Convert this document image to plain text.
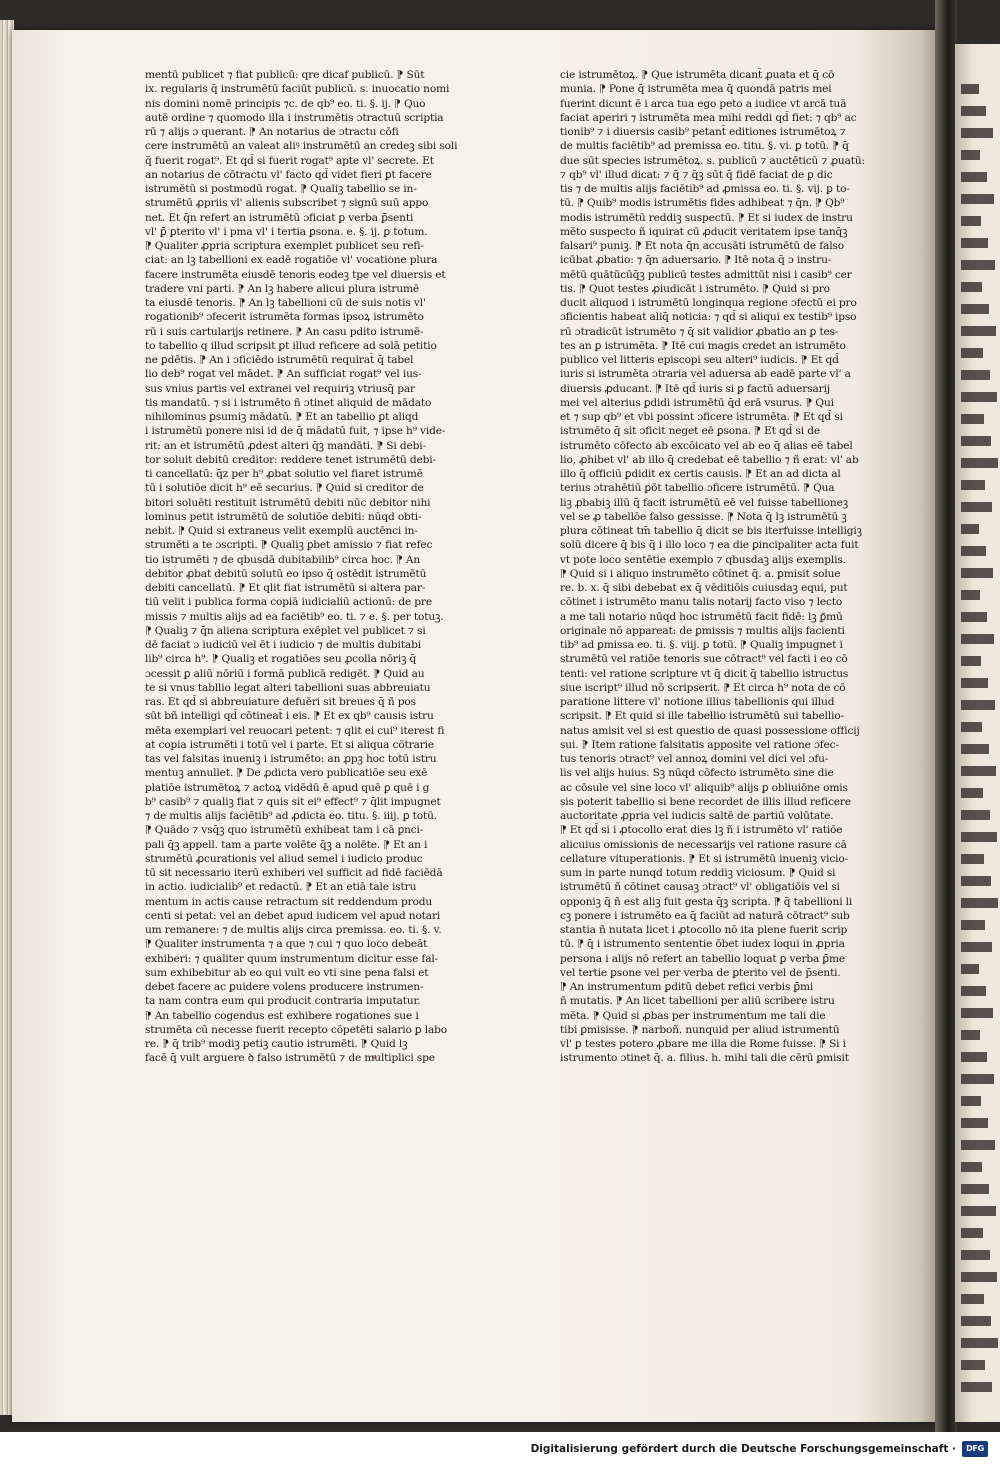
mentū publicet ⁊ fiat publicū: qre dicaf publicū. ⁋ Sūt
ix. regularis q̄ instrumētū faciūt publicū. s. inuocatio nomi
nis domini nomē principis ⁊c. de qb⁹ eo. ti. §. ij. ⁋ Quo
autē ordine ⁊ quomodo illa i instrumētis ɔtractuū scriptia
rū ⁊ alijs ɔ querant. ⁋ An notarius de ɔtractu cōfi
cere instrumētū an valeat aliꝰ instrumētū an credeꝫ sibi soli
q̄ fuerit rogat⁹. Et qd̄ si fuerit rogat⁹ apte vl' secrete. Et
an notarius de cōtractu vl' facto qd̄ videt fieri ꝑt facere
istrumētū si postmodū rogat. ⁋ Qualiꝫ tabellio se in-
strumētū ꝓpriis vl' alienis subscribet ⁊ signū suū appo
net. Et q̄n refert an istrumētū ɔficiat ꝑ verba ꝑ̄senti
vl' ꝑ̄ ꝑterito vl' i pma vl' i tertia ꝑsona. e. §. ij. ꝑ totum.
⁋ Qualiter ꝓpria scriptura exemplet publicet seu refi-
ciat: an lꝫ tabellioni ex eadē rogatiōe vl' vocatione plura
facere instrumēta eiusdē tenoris eodeꝫ tpe vel diuersis et
tradere vni parti. ⁋ An lꝫ habere alicui plura istrumē
ta eiusdē tenoris. ⁋ An lꝫ tabellioni cū de suis notis vl'
rogationib⁹ ɔfecerit istrumēta formas ipsoꝝ istrumēto
rū i suis cartularijs retinere. ⁋ An casu pdito istrumē-
to tabellio q illud scripsit ꝑt illud reficere ad solā petitio
ne ꝑdētis. ⁋ An i ɔficiēdo istrumētū requirat̄ q̄ tabel
lio deb⁹ rogat vel mādet. ⁋ An sufficiat rogat⁹ vel ius-
sus vnius partis vel extranei vel requiriꝫ vtriusq̄ par
tis mandatū. ⁊ si i istrumēto ñ ɔtinet aliquid de mādato
nihilominus ꝑsumiꝫ mādatū. ⁋ Et an tabellio ꝑt aliqd
i istrumētū ponere nisi id de q̄ mādatū fuit, ⁊ ipse h⁹ vide-
rit: an et istrumētū ꝓdest alteri q̄ꝫ mandāti. ⁋ Si debi-
tor soluit debitū creditor: reddere tenet istrumētū debi-
ti cancellatū: q̄z per h⁹ ꝓbat solutio vel fiaret istrumē
tū i solutiōe dicit h⁹ eē securius. ⁋ Quid si creditor de
bitori soluēti restituit istrumētū debiti nūc debitor nihi
lominus petit istrumētū de solutiōe debiti: nūqd obti-
nebit. ⁋ Quid si extraneus velit exemplū auctēnci in-
strumēti a te ɔscripti. ⁋ Qualiꝫ ꝑbet amissio ⁊ fiat refec
tio istrumēti ⁊ de qbusdā dubitabilib⁹ circa hoc. ⁋ An
debitor ꝓbat debitū solutū eo ipso q̄ ostēdit istrumētū
debiti cancellatū. ⁋ Et qlit fiat istrumētū si altera par-
tiū velit i publica forma copiā iudicialiū actionū: de pre
missis ⁊ multis alijs ad ea faciētib⁹ eo. ti. ⁊ e. §. per totuꝫ.
⁋ Qualiꝫ ⁊ q̄n aliena scriptura exēplet vel publicet ⁊ si
dē faciat ɔ iudiciū vel ēt i iudicio ⁊ de multis dubitabi
lib⁹ circa h⁹. ⁋ Qualiꝫ et rogatiōes seu ꝓcolla nōriꝫ q̄
ɔcessit ꝑ aliū nōriū i formā publicā redigēt. ⁋ Quid au
te si vnus tabllio legat alteri tabellioni suas abbreuiatu
ras. Et qd̄ si abbreuiature defuēri sit breues q̄ ñ pos
sūt bñ intelligi qd̄ cōtineat̄ i eis. ⁋ Et ex qb⁹ causis istru
mēta exemplari vel reuocari petent: ⁊ qlit ei cui⁹ iterest fi
at copia istrumēti i totū vel i parte. Et si aliqua cōtrarie
tas vel falsitas inueniꝫ i istrumēto: an ꝓpꝫ hoc totū istru
mentuꝫ annullet. ⁋ De ꝓdicta vero publicatiōe seu exē
platiōe istrumētoꝝ ⁊ actoꝝ vidēdū ē apud quē ꝑ quē i g
b⁹ casib⁹ ⁊ qualiꝫ fiat ⁊ quis sit ei⁹ effect⁹ ⁊ q̄lit impugnet
⁊ de multis alijs faciētib⁹ ad ꝓdicta eo. titu. §. iiij. ꝑ totū.
⁋ Quādo ⁊ vsq̄ꝫ quo istrumētū exhibeat tam i cā ꝑnci-
pali q̄ꝫ appell. tam a parte volēte q̄ꝫ a nolēte. ⁋ Et an i
strumētū ꝓcurationis vel aliud semel i iudicio produc
tū sit necessario iterū exhiberi vel sufficit ad fidē faciēdā
in actio. iudicialib⁹ et redactū. ⁋ Et an etiā tale istru
mentum in actis cause retractum sit reddendum produ
centi si petat: vel an debet apud iudicem vel apud notari
um remanere: ⁊ de multis alijs circa premissa. eo. ti. §. v.
⁋ Qualiter instrumenta ⁊ a que ⁊ cui ⁊ quo loco debeāt
exhiberi: ⁊ qualiter quum instrumentum dicitur esse fal-
sum exhibebitur ab eo qui vult eo vti sine pena falsi et
debet facere ac ꝑuidere volens producere instrumen-
ta nam contra eum qui producit contraria imputatur.
⁋ An tabellio cogendus est exhibere rogationes sue i
strumēta cū necesse fuerit recepto cōpetēti salario ꝑ labo
re. ⁋ q̄ trib⁹ modiꝫ petiꝫ cautio istrumēti. ⁋ Quid lꝫ
facē q̄ vult arguere ꝺ falso istrumētū ⁊ de multiplici spe
cie istrumētoꝝ. ⁋ Que istrumēta dicant̄ ꝓuata et q̄ cō
munia. ⁋ Pone q̄ istrumēta mea q̄ quondā patris mei
fuerint dicunt ē i arca tua ego peto a iudice vt arcā tuā
faciat aperiri ⁊ istrumēta mea mihi reddi qd̄ fiet: ⁊ qb⁹ ac
tionib⁹ ⁊ i diuersis casib⁹ petant̄ editiones istrumētoꝝ ⁊
de multis faciētib⁹ ad premissa eo. titu. §. vi. ꝑ totū. ⁋ q̄
due sūt species istrumētoꝝ. s. publicū ⁊ auctēticū ⁊ ꝓuatū:
⁊ qb⁹ vl' illud dicat: ⁊ q̄ ⁊ q̄ꝫ sūt q̄ fidē faciat de ꝑ dic
tis ⁊ de multis alijs faciētib⁹ ad ꝓmissa eo. ti. §. vij. ꝑ to-
tū. ⁋ Quib⁹ modis istrumētis fides adhibeat ⁊ q̄n. ⁋ Qb⁹
modis istrumētū reddiꝫ suspectū. ⁋ Et si iudex de instru
mēto suspecto ñ iquirat cū ꝓducit veritatem ipse tanq̄ꝫ
falsari⁹ puniꝫ. ⁋ Et nota q̄n accusāti istrumētū de falso
icūbat ꝓbatio: ⁊ q̄n aduersario. ⁋ Itē nota q̄ ɔ instru-
mētū quātūcūq̄ꝫ publicū testes admittūt nisi i casib⁹ cer
tis. ⁋ Quot testes ꝓiudicāt i istrumēto. ⁋ Quid si pro
ducit aliquod i istrumētū longinqua regione ɔfectū ei pro
ɔficientis habeat aliq̄ noticia: ⁊ qd̄ si aliqui ex testib⁹ ipso
rū ɔtradicūt istrumēto ⁊ q̄ sit validior ꝓbatio an ꝑ tes-
tes an ꝑ istrumēta. ⁋ Itē cui magis credet an istrumēto
publico vel litteris episcopi seu alteri⁹ iudicis. ⁋ Et qd̄
iuris si istrumēta ɔtraria vel aduersa ab eadē parte vl' a
diuersis ꝓducant. ⁋ Itē qd̄ iuris si ꝑ factū aduersarij
mei vel alterius ꝑdidi istrumētū q̄d erā vsurus. ⁋ Qui
et ⁊ sup qb⁹ et vbi possint ɔficere istrumēta. ⁋ Et qd̄ si
istrumēto q̄ sit ɔficit neget eē ꝑsona. ⁋ Et qd̄ si de
istrumēto cōfecto ab excōicato vel ab eo q̄ alias eē tabel
lio, ꝓhibet vl' ab illo q̄ credebat eē tabellio ⁊ ñ erat: vl' ab
illo q̄ officiū ꝑdidit ex certis causis. ⁋ Et an ad dicta al
terius ɔtrahētiū ꝑōt tabellio ɔficere istrumētū. ⁋ Qua
liꝫ ꝓbabiꝫ illū q̄ facit istrumētū eē vel fuisse tabellioneꝫ
vel se ꝓ tabellōe falso gessisse. ⁋ Nota q̄ lꝫ istrumētū ꝫ
plura cōtineat tm̄ tabellio q̄ dicit se bis iterfuisse intelligiꝫ
solū dicere q̄ bis q̄ i illo loco ⁊ ea die ꝑincipaliter acta fuit
vt pote loco sentētie exemplo ⁊ qbusdaꝫ alijs exemplis.
⁋ Quid si i aliquo instrumēto cōtinet q̄. a. ꝑmisit solue
re. b. x. q̄ sibi debebat ex q̄ vēditiōis cuiusdaꝫ equi, put
cōtinet i istrumēto manu talis notarij facto viso ⁊ lecto
a me tali notario nūqd hoc istrumētū facit fidē: lꝫ ꝑ̄mū
originale nō appareat: de ꝑmissis ⁊ multis alijs facienti
tib⁹ ad ꝑmissa eo. ti. §. viij. ꝑ totū. ⁋ Qualiꝫ impugnet i
strumētū vel ratiōe tenoris sue cōtract⁹ vel facti i eo cō
tenti: vel ratione scripture vt q̄ dicit q̄ tabellio istructus
siue iscript⁹ illud nō scripserit. ⁋ Et circa h⁹ nota de cō
paratione littere vl' notione illius tabellionis qui illud
scripsit. ⁋ Et quid si ille tabellio istrumētū sui tabellio-
natus amisit vel si est questio de quasi possessione officij
sui. ⁋ Item ratione falsitatis apposite vel ratione ɔfec-
tus tenoris ɔtract⁹ vel annoꝝ domini vel dici vel ɔfu-
lis vel alijs huius. Sꝫ nūqd cōfecto istrumēto sine die
ac cōsule vel sine loco vl' aliquib⁹ alijs ꝑ obliuiōne omis
sis poterit tabellio si bene recordet de illis illud reficere
auctoritate ꝓpria vel iudicis saltē de partiū volūtate.
⁋ Et qd̄ si i ꝓtocollo erat dies lꝫ ñ i istrumēto vl' ratiōe
alicuius omissionis de necessarijs vel ratione rasure cā
cellature vituperationis. ⁋ Et si istrumētū inueniꝫ vicio-
sum in parte nunqd totum reddiꝫ viciosum. ⁋ Quid si
istrumētū ñ cōtinet causaꝫ ɔtract⁹ vl' obligatiōis vel si
opponiꝫ q̄ ñ est aliꝫ fuit gesta q̄ꝫ scripta. ⁋ q̄ tabellioni li
cꝫ ponere i istrumēto ea q̄ faciūt ad naturā cōtract⁹ sub
stantia ñ nutata licet i ꝓtocollo nō ita plene fuerit scrip
tū. ⁋ q̄ i istrumento sententie ōbet iudex loqui in ꝓpria
persona i alijs nō refert an tabellio loquat ꝑ verba ꝑ̄me
vel tertie ꝑsone vel per verba de ꝑterito vel de p̄senti.
⁋ An instrumentum ꝑditū debet refici verbis ꝑ̄mi
ñ mutatis. ⁋ An licet tabellioni per aliū scribere istru
mēta. ⁋ Quid si ꝓbas per instrumentum me tali die
tibi ꝑmisisse. ⁋ narboñ. nunquid per aliud istrumentū
vl' ꝑ testes potero ꝓbare me illa die Rome fuisse. ⁋ Si i
istrumento ɔtinet q̄. a. filius. h. mihi tali die cērū ꝑmisit
Digitalisierung gefördert durch die Deutsche Forschungsgemeinschaft ·	DFG
